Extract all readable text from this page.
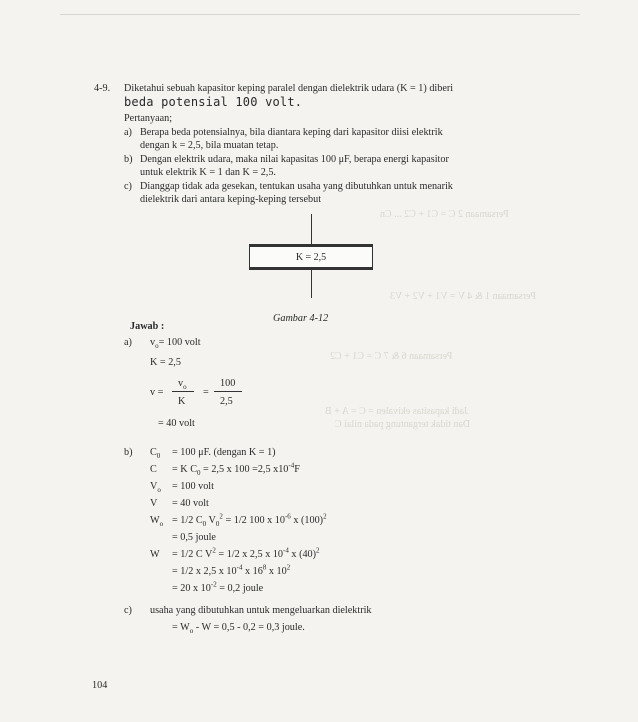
Persamaan 2 C = C1 + C2 ... Cn
Persamaan 1 & 4 V = V1 + V2 + V3
Persamaan 6 & 7 C = C1 + C2
Jadi kapasitas ekivalen = C = A + B
Dan tidak tergantung pada nilai C
4-9. Diketahui sebuah kapasitor keping paralel dengan dielektrik udara (K = 1) diberi
beda potensial 100 volt.
Pertanyaan;
a) Berapa beda potensialnya, bila diantara keping dari kapasitor diisi elektrik
dengan k = 2,5, bila muatan tetap.
b) Dengan elektrik udara, maka nilai kapasitas 100 μF, berapa energi kapasitor
untuk elektrik K = 1 dan K = 2,5.
c) Dianggap tidak ada gesekan, tentukan usaha yang dibutuhkan untuk menarik
dielektrik dari antara keping-keping tersebut
K = 2,5
Gambar 4-12
Jawab :
a) $v_o= 100$ volt
K = 2,5
v =
$v_o$
K
=
100
2,5
= 40 volt
b) $C_0 = 100$ μF. (dengan K = 1)
C = K $C_0 = 2,5$ x 100 =2,5 $x10^{-4}F$
$V_o = 100$ volt
V = 40 volt
$W_o = 1/2$ $C_0$ $V_0^2 = 1/2$ 100 x $10^{-6}$ x $(100)^2$
= 0,5 joule
W = 1/2 C $V^2 = 1/2$ x 2,5 x $10^{-4}$ x $(40)^2$
= 1/2 x 2,5 x $10^{-4}$ x $16^8$ x $10^2$
= 20 x $10^{-2} = 0,2$ joule
c) usaha yang dibutuhkan untuk mengeluarkan dielektrik
= $W_o - W = 0,5 - 0,2 = 0,3$ joule.
104
